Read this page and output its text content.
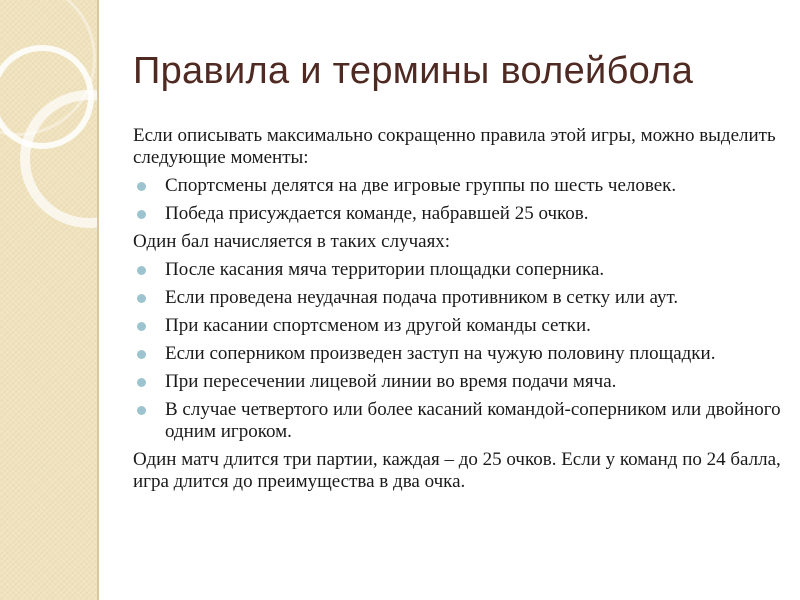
Правила и термины волейбола

Если описывать максимально сокращенно правила этой игры, можно выделить следующие моменты:

Спортсмены делятся на две игровые группы по шесть человек.
Победа присуждается команде, набравшей 25 очков.

Один бал начисляется в таких случаях:

После касания мяча территории площадки соперника.
Если проведена неудачная подача противником в сетку или аут.
При касании спортсменом из другой команды сетки.
Если соперником произведен заступ на чужую половину площадки.
При пересечении лицевой линии во время подачи мяча.
В случае четвертого или более касаний командой-соперником или двойного одним игроком.

Один матч длится три партии, каждая – до 25 очков. Если у команд по 24 балла, игра длится до преимущества в два очка.
